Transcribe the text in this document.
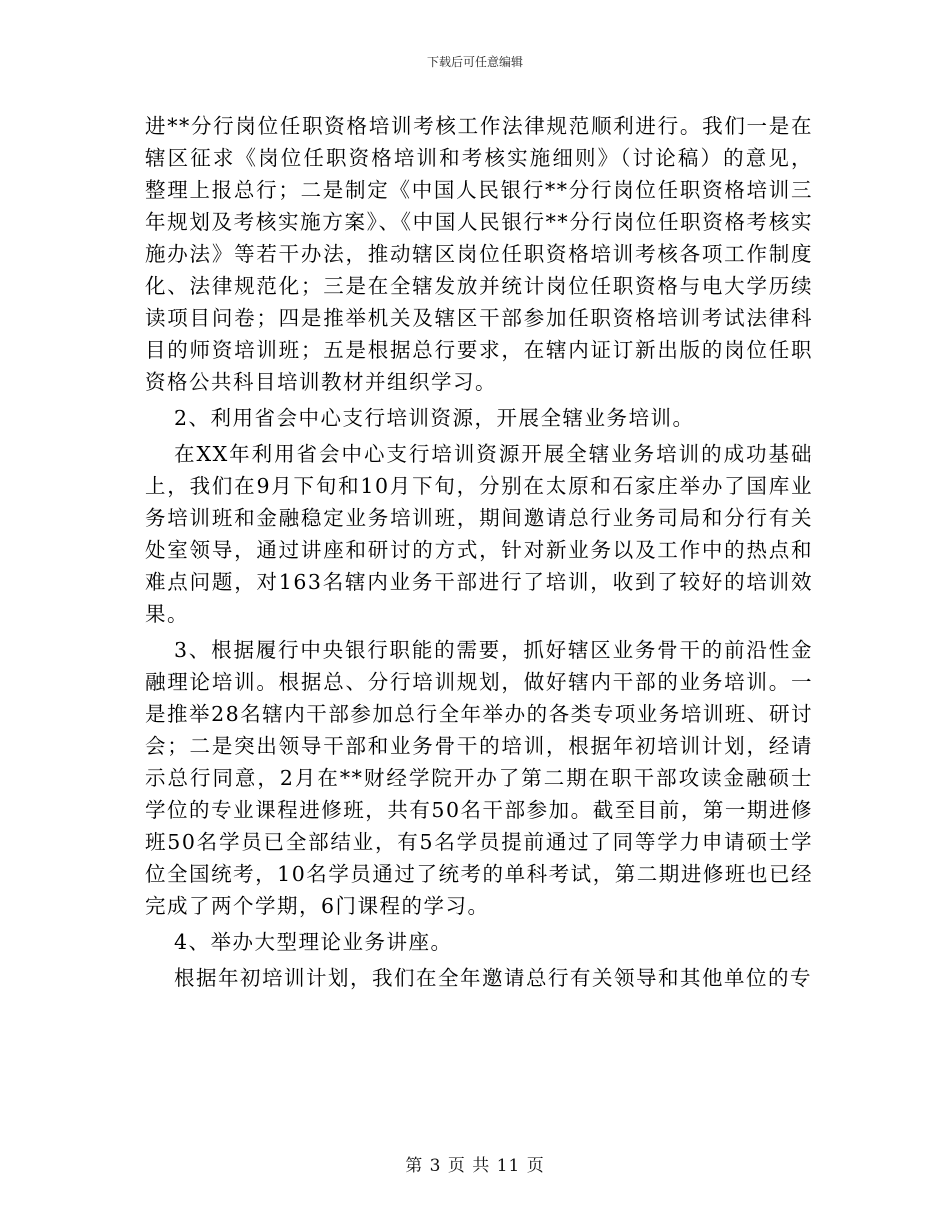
下载后可任意编辑

进**分行岗位任职资格培训考核工作法律规范顺利进行。我们一是在辖区征求《岗位任职资格培训和考核实施细则》（讨论稿）的意见，整理上报总行；二是制定《中国人民银行**分行岗位任职资格培训三年规划及考核实施方案》、《中国人民银行**分行岗位任职资格考核实施办法》等若干办法，推动辖区岗位任职资格培训考核各项工作制度化、法律规范化；三是在全辖发放并统计岗位任职资格与电大学历续读项目问卷；四是推举机关及辖区干部参加任职资格培训考试法律科目的师资培训班；五是根据总行要求，在辖内证订新出版的岗位任职资格公共科目培训教材并组织学习。

2、利用省会中心支行培训资源，开展全辖业务培训。

在XX年利用省会中心支行培训资源开展全辖业务培训的成功基础上，我们在9月下旬和10月下旬，分别在太原和石家庄举办了国库业务培训班和金融稳定业务培训班，期间邀请总行业务司局和分行有关处室领导，通过讲座和研讨的方式，针对新业务以及工作中的热点和难点问题，对163名辖内业务干部进行了培训，收到了较好的培训效果。

3、根据履行中央银行职能的需要，抓好辖区业务骨干的前沿性金融理论培训。根据总、分行培训规划，做好辖内干部的业务培训。一是推举28名辖内干部参加总行全年举办的各类专项业务培训班、研讨会；二是突出领导干部和业务骨干的培训，根据年初培训计划，经请示总行同意，2月在**财经学院开办了第二期在职干部攻读金融硕士学位的专业课程进修班，共有50名干部参加。截至目前，第一期进修班50名学员已全部结业，有5名学员提前通过了同等学力申请硕士学位全国统考，10名学员通过了统考的单科考试，第二期进修班也已经完成了两个学期，6门课程的学习。

4、举办大型理论业务讲座。

根据年初培训计划，我们在全年邀请总行有关领导和其他单位的专

第 3 页 共 11 页
